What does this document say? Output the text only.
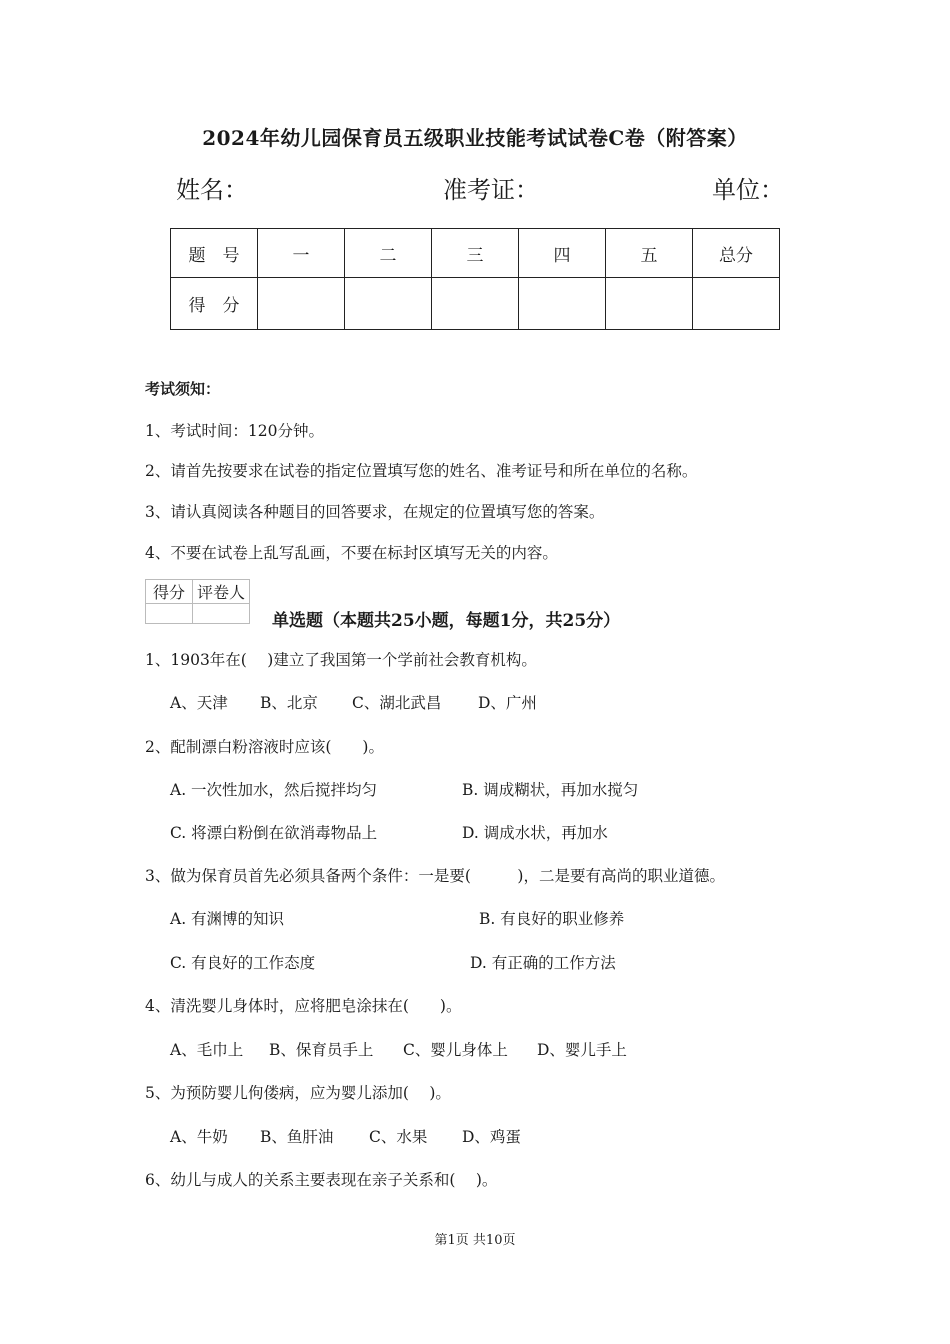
2024年幼儿园保育员五级职业技能考试试卷C卷（附答案）
姓名：	准考证：	单位：
题　号	一	二	三	四	五	总分
得　分						
考试须知：
1、考试时间：120分钟。
2、请首先按要求在试卷的指定位置填写您的姓名、准考证号和所在单位的名称。
3、请认真阅读各种题目的回答要求，在规定的位置填写您的答案。
4、不要在试卷上乱写乱画，不要在标封区填写无关的内容。
得分	评卷人

单选题（本题共25小题，每题1分，共25分）
1、1903年在(　 )建立了我国第一个学前社会教育机构。
A、天津 B、北京 C、湖北武昌 D、广州
2、配制漂白粉溶液时应该(　　)。
A. 一次性加水，然后搅拌均匀	B. 调成糊状，再加水搅匀
C. 将漂白粉倒在欲消毒物品上	D. 调成水状，再加水
3、做为保育员首先必须具备两个条件：一是要(　　　)，二是要有高尚的职业道德。
A. 有渊博的知识	B. 有良好的职业修养
C. 有良好的工作态度	D. 有正确的工作方法
4、清洗婴儿身体时，应将肥皂涂抹在(　　)。
A、毛巾上 B、保育员手上 C、婴儿身体上 D、婴儿手上
5、为预防婴儿佝偻病，应为婴儿添加(　 )。
A、牛奶 B、鱼肝油 C、水果 D、鸡蛋
6、幼儿与成人的关系主要表现在亲子关系和(　 )。
第1页 共10页
